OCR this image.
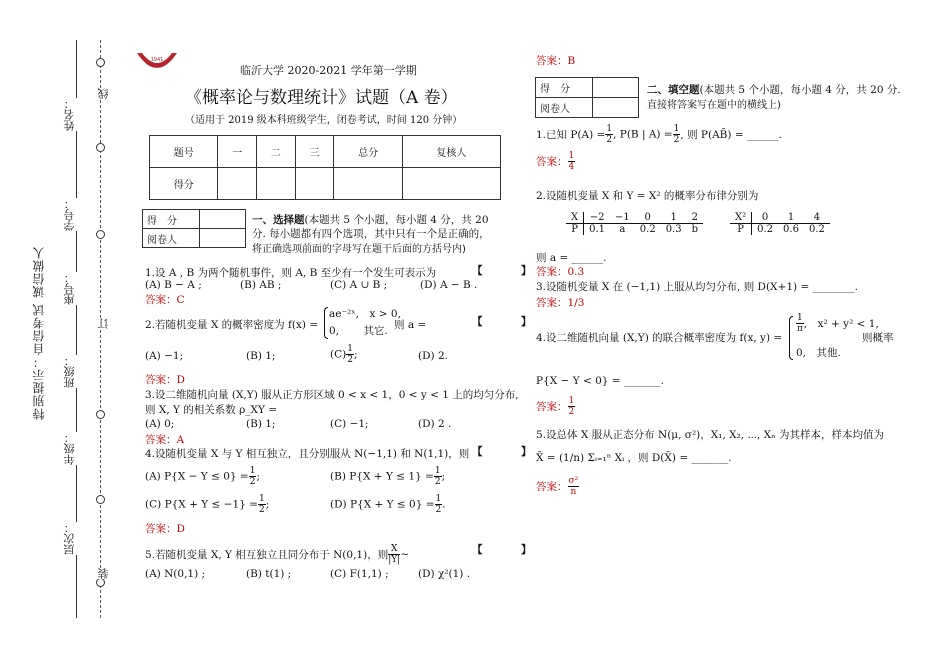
线
订
装
姓名：
学号：
座号：
班级：
年级：
层次：
特别提示：自信考试 诚信做人
1941
LINYI UNIVERSITY	临沂大学 2020-2021 学年第一学期
《概率论与数理统计》试题（A 卷）
（适用于 2019 级本科班级学生，闭卷考试，时间 120 分钟）
题号	一	二	三	总分	复核人
得分					
得　分	
阅卷人	
一、选择题(本题共 5 个小题，每小题 4 分，共 20
分. 每小题都有四个选项，其中只有一个是正确的，
将正确选项前面的字母写在题干后面的方括号内)
1.设 A , B 为两个随机事件，则 A, B 至少有一个发生可表示为	【　】
(A) B − A ;	(B) AB ;	(C) A ∪ B ;	(D) A − B .
答案：C
2.若随机变量 X 的概率密度为 f(x) =
ae⁻²ˣ,　x > 0,
0,　　 其它. 则 a =	【　】
(A) −1;	(B) 1;	$(C) \frac{1}{2}$ ;	(D) 2.
答案：D
3.设二维随机向量 (X,Y) 服从正方形区域 0 < x < 1，0 < y < 1 上的均匀分布,
则 X, Y 的相关系数 ρ_XY =
(A) 0;	(B) 1;	(C) −1;	(D) 2 .
答案：A
4.设随机变量 X 与 Y 相互独立，且分别服从 N(−1,1) 和 N(1,1)，则 【　】
(A) $P\{X - Y \le 0\} = \frac{1}{2}$ ;	(B) $P\{X + Y \le 1\} = \frac{1}{2}$ ;
(C) $P\{X + Y \le -1\} = \frac{1}{2}$ ;	(D) $P\{X + Y \le 0\} = \frac{1}{2}$ .
答案：D
5.若随机变量 X, Y 相互独立且同分布于 N(0,1)，则 $\frac{X}{|Y|}$ ~	【　】
(A) N(0,1) ;	(B) t(1) ;	(C) F(1,1) ;	(D) χ²(1) .
答案：B
得　分	
阅卷人	
二、填空题(本题共 5 个小题，每小题 4 分，共 20 分.
直接将答案写在题中的横线上)
1.已知 $P(A) = \frac{1}{2}$ , P(B | $A) = \frac{1}{2}$ , 则 P(AB̄) = ______.
答案： $\frac{1}{4}$
2.设随机变量 X 和 Y = X² 的概率分布律分别为
X	−2	−1	0	1	2
P	0.1	a	0.2	0.3	b
X²	0	1	4
P	0.2	0.6	0.2
则 a = ______.
答案：0.3
3.设随机变量 X 在 (−1,1) 上服从均匀分布, 则 D(X+1) = ________.
答案：1/3
4.设二维随机向量 (X,Y) 的联合概率密度为 f(x, y) =
$\frac{1}{\pi}$ ,　x² + y² < 1,
0,　其他.
则概率
P{X − Y < 0} = _______.
答案： $\frac{1}{2}$
5.设总体 X 服从正态分布 N(μ, σ²)，X₁, X₂, ⋯, Xₙ 为其样本，样本均值为
X̄ = (1/n) Σᵢ₌₁ⁿ Xᵢ ，则 D(X̄) = _______.
答案： $\frac{\text{σ²}}{n}$
